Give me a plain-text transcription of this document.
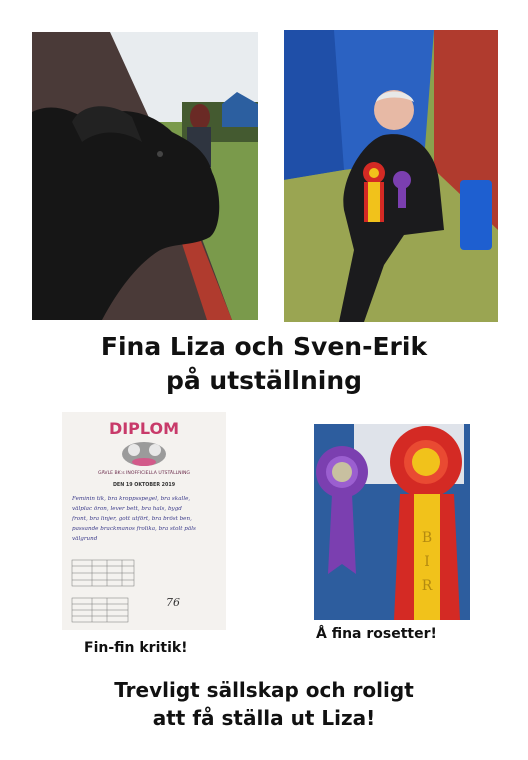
Fina Liza och Sven-Erik
på utställning
DIPLOM
GÄVLE BK:s INOFFICIELLA UTSTÄLLNING
DEN 19 OKTOBER 2019
Feminin tik, bra kroppsspegel, bra skalle,
välplac öron, lever bett, bra hals, bygd
front, bra linjer, gott utfört, bra bröst ben,
passande brackmanos frolika, bra stolt päls
välgrund
76
B
I
R
Fin-fin kritik!
Å fina rosetter!
Trevligt sällskap och roligt
att få ställa ut Liza!
